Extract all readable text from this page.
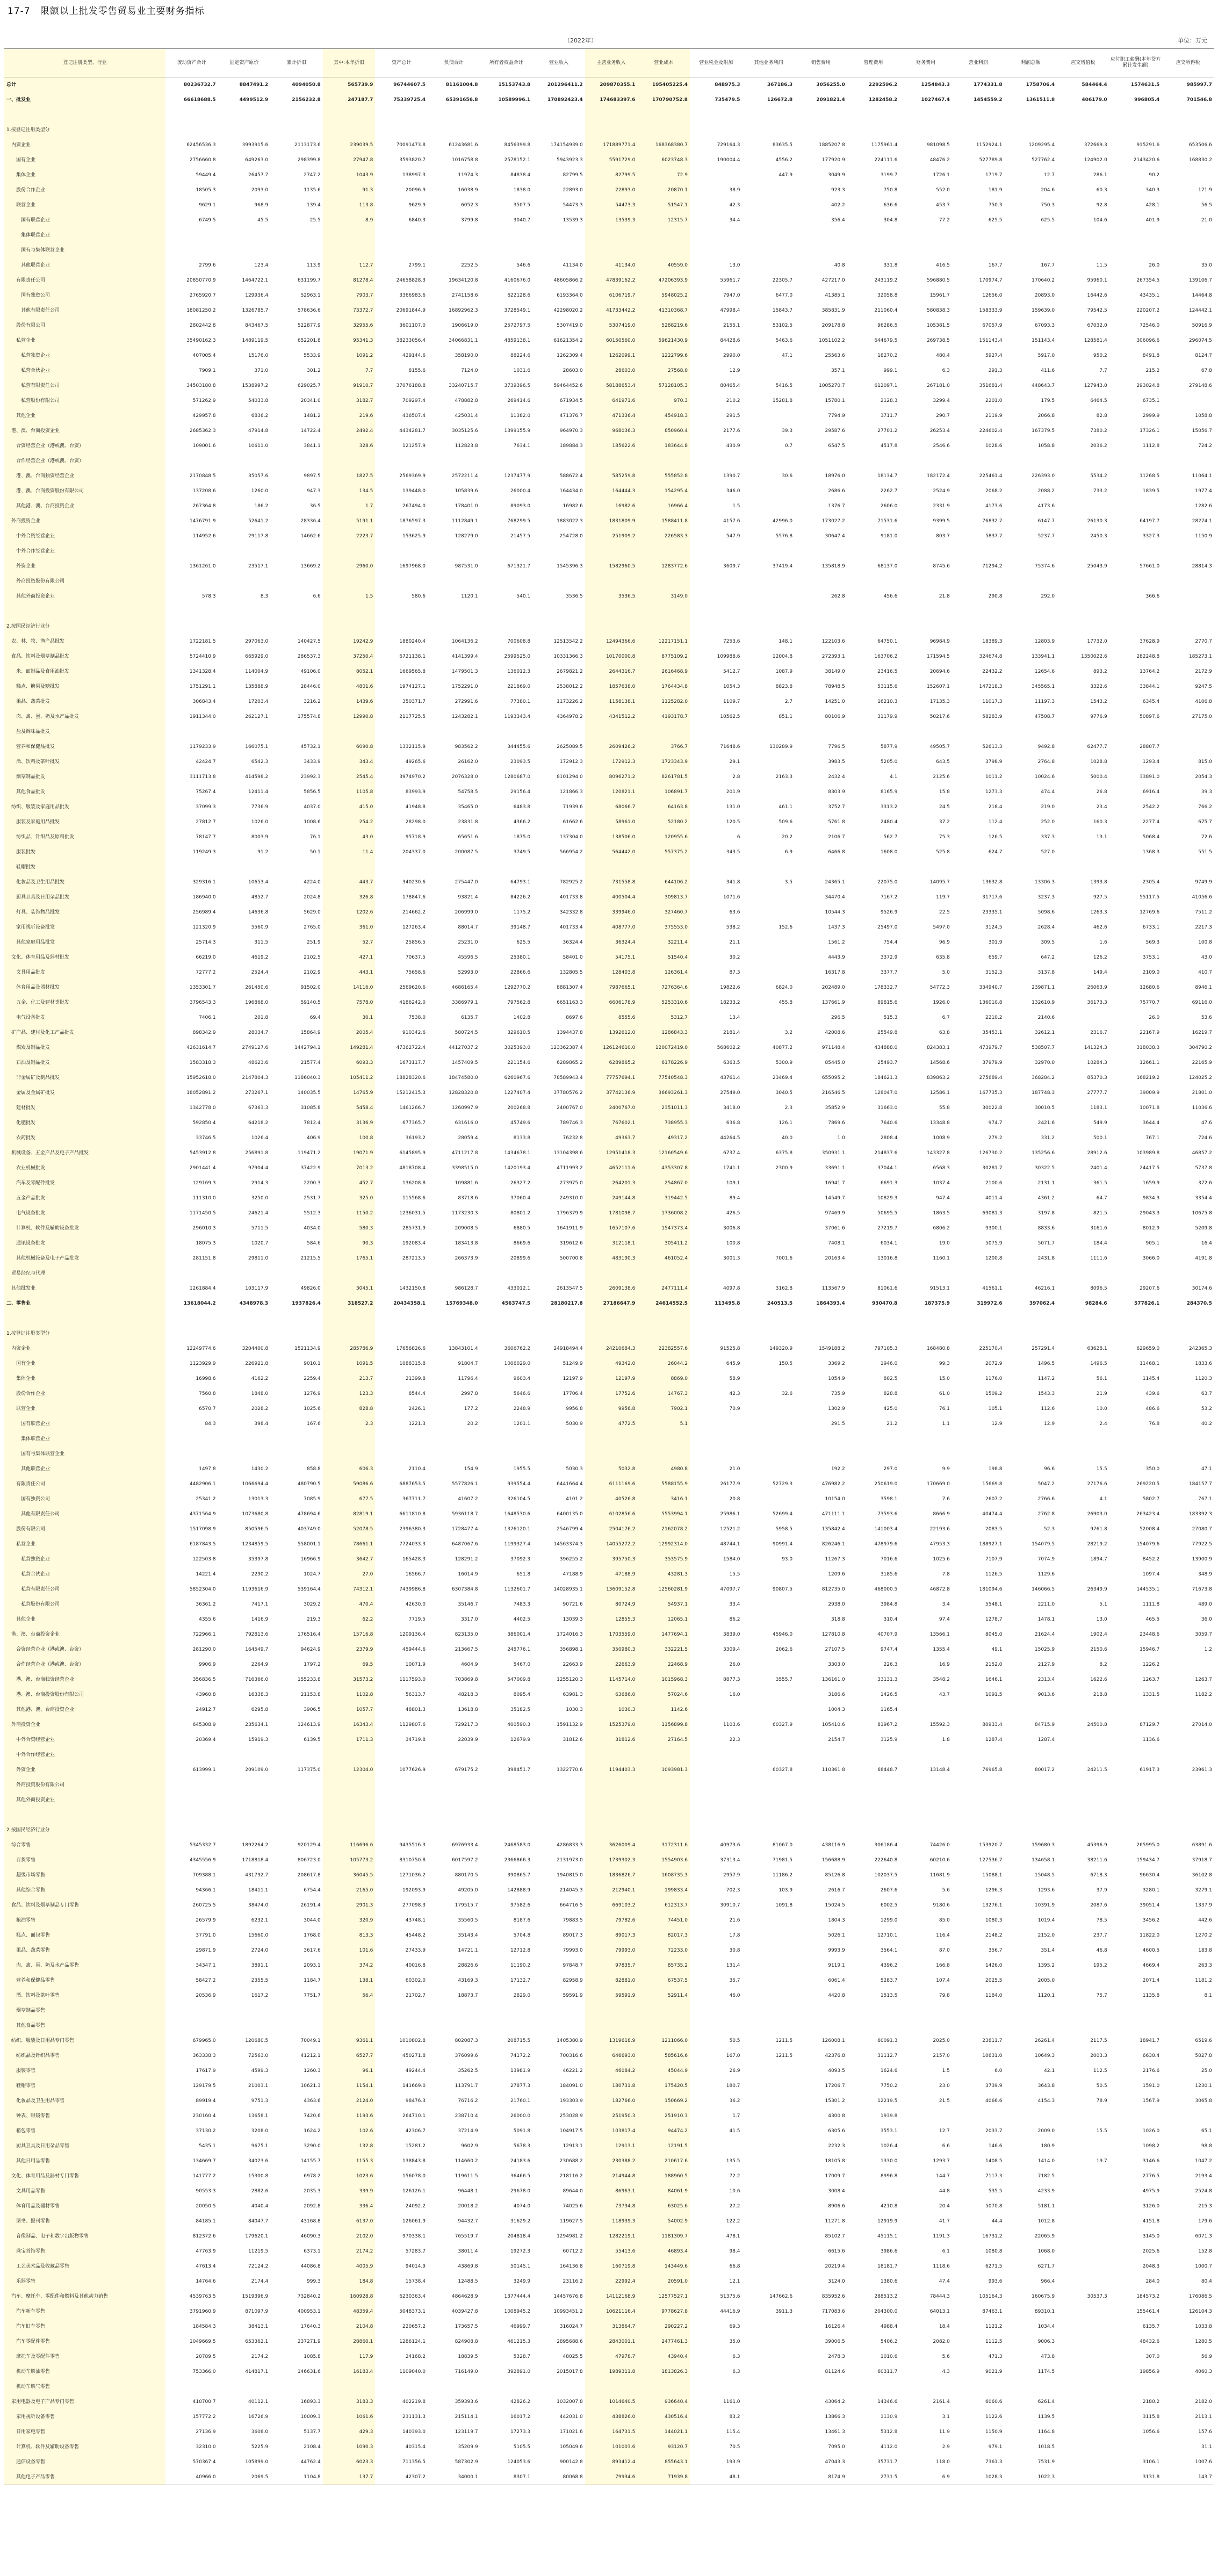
17-7　限额以上批发零售贸易业主要财务指标
（2022年）	单位：万元
登记注册类型、行业	流动资产合计	固定资产原价	累计折旧	其中:本年折旧	资产总计	负债合计	所有者权益合计	营业收入	主营业务收入	营业成本	营业税金及附加	其他业务利润	销售费用	管理费用	财务费用	营业利润	利润总额	应交增值税	应付职工薪酬(本年贷方累计发生额)	应交所得税	
总计	80236732.7	8847491.2	4094050.8	565739.9	96744607.5	81161004.8	15153743.8	201296411.2	209870355.1	195405225.4	848975.3	367186.3	3056255.0	2292596.2	1254843.3	1774331.8	1758706.4	584464.4	1574631.5	985997.7	
一、批发业	66618688.5	4499512.9	2156232.8	247187.7	75339725.4	65391656.8	10589996.1	170892423.4	174683397.6	170790752.8	735479.5	126672.8	2091821.4	1282458.2	1027467.4	1454559.2	1361511.8	406179.0	996805.4	701546.8	

1.按登记注册类型分																					
　内资企业	62456536.3	3993915.6	2113173.6	239039.5	70091473.8	61243681.6	8456399.8	174154939.0	171889771.4	168368380.7	729164.3	83635.5	1885207.8	1175961.4	981098.5	1152924.1	1209295.4	372669.3	915291.6	653506.6	
　　国有企业	2756660.8	649263.0	298399.8	27947.8	3593820.7	1016758.8	2578152.1	5943923.3	5591729.0	6023748.3	190004.4	4556.2	177920.9	224111.6	48476.2	527789.8	527762.4	124902.0	2143420.6	168830.2	
　　集体企业	59449.4	26457.7	2747.2	1043.9	138997.3	11974.3	84838.4	82799.5	82799.5	72.9		447.9	3049.9	3199.7	1726.1	1719.7	12.7	286.1	90.2		
　　股份合作企业	18505.3	2093.0	1135.6	91.3	20096.9	16038.9	1838.0	22893.0	22893.0	20870.1	38.9		923.3	750.8	552.0	181.9	204.6	60.3	340.3	171.9	
　　联营企业	9629.1	968.9	139.4	113.8	9629.9	6052.3	3507.5	54473.3	54473.3	51547.1	42.3		402.2	636.6	453.7	750.3	750.3	92.8	428.1	56.5	
　　　国有联营企业	6749.5	45.5	25.5	8.9	6840.3	3799.8	3040.7	13539.3	13539.3	12315.7	34.4		356.4	304.8	77.2	625.5	625.5	104.6	401.9	21.0	
　　　集体联营企业																					
　　　国有与集体联营企业																					
　　　其他联营企业	2799.6	123.4	113.9	112.7	2799.1	2252.5	546.6	41134.0	41134.0	40559.0	13.0		40.8	331.8	416.5	167.7	167.7	11.5	26.0	35.0	
　　有限责任公司	20850770.9	1464722.1	631199.7	81278.4	24658828.3	19634120.8	4160676.0	48605866.2	47839162.2	47206393.9	55961.7	22305.7	427217.0	243119.2	596880.5	170974.7	170640.2	95960.1	267354.5	139106.7	
　　　国有独资公司	2765920.7	129936.4	52963.1	7903.7	3366983.6	2741158.6	622128.6	6193364.0	6106719.7	5948025.2	7947.0	6477.0	41385.1	32058.8	15961.7	12656.0	20893.0	16442.6	43435.1	14464.8	
　　　其他有限责任公司	18081250.2	1326785.7	578636.6	73372.7	20691844.9	16892962.3	3728549.1	42298020.2	41733442.2	41310368.7	47998.4	15843.7	385831.9	211060.4	580838.3	158333.9	159639.0	79542.5	220207.2	124442.1	
　　股份有限公司	2802442.8	843467.5	522877.9	32955.6	3601107.0	1906619.0	2572797.5	5307419.0	5307419.0	5288219.6	2155.1	53102.5	209178.8	96286.5	105381.5	67057.9	67093.3	67032.0	72546.0	50916.9	
　　私营企业	35490162.3	1489119.5	652201.8	95341.3	38233056.4	34066831.1	4859138.1	61621354.2	60150560.0	59621430.9	84428.6	5463.6	1051102.2	644679.5	269738.5	151143.4	151143.4	128581.4	306096.6	296074.5	
　　　私营独资企业	407005.4	15176.0	5533.9	1091.2	429144.6	358190.0	88224.6	1262309.4	1262099.1	1222799.6	2990.0	47.1	25563.6	18270.2	480.4	5927.4	5917.0	950.2	8491.8	8124.7	
　　　私营合伙企业	7909.1	371.0	301.2	7.7	8155.6	7124.0	1031.6	28603.0	28603.0	27568.0	12.9		357.1	999.1	6.3	291.3	411.6	7.7	215.2	67.8	
　　　私营有限责任公司	34503180.8	1538997.2	629025.7	91910.7	37076188.8	33240715.7	3739396.5	59464452.6	58188653.4	57128105.3	80465.4	5416.5	1005270.7	612097.1	267181.0	351681.4	448643.7	127943.0	293024.8	279148.6	
　　　私营股份有限公司	571262.9	54033.8	20341.0	3182.7	709297.4	478882.8	269414.6	671934.5	641971.6	970.3	210.2	15281.8	15780.1	2128.3	3299.4	2201.0	179.5	6464.5	6735.1		
　　其他企业	429957.8	6836.2	1481.2	219.6	436507.4	425031.4	11382.0	471376.7	471336.4	454918.3	291.5		7794.9	3711.7	290.7	2119.9	2066.8	82.8	2999.9	1058.8	
　港、澳、台商投资企业	2685362.3	47914.8	14722.4	2492.4	4434281.7	3035125.6	1399155.9	964970.3	968036.3	850960.4	2177.6	39.3	29587.6	27701.2	26253.4	224602.4	167379.5	7380.2	17326.1	15056.7	
　　合资经营企业（港或澳、台资）	109001.6	10611.0	3841.1	328.6	121257.9	112823.8	7634.1	189884.3	185622.6	183644.8	430.9	0.7	6547.5	4517.8	2546.6	1028.6	1058.8	2036.2	1112.8	724.2	
　　合作经营企业（港或澳、台资）																					
　　港、澳、台商独资经营企业	2170848.5	35057.6	9897.5	1827.5	2569369.9	2572211.4	1237477.9	588672.4	585259.8	555852.8	1390.7	30.6	18976.0	18134.7	182172.4	225461.4	226393.0	5534.2	11268.5	11064.1	
　　港、澳、台商投资股份有限公司	137208.6	1260.0	947.3	134.5	139448.0	105839.6	26000.4	164434.0	164444.3	154295.4	346.0		2686.6	2262.7	2524.9	2068.2	2088.2	733.2	1839.5	1977.4	
　　其他港、澳、台商投资企业	267364.8	186.2	36.5	1.7	267494.0	178401.0	89093.0	16982.6	16982.6	16966.4	1.5		1376.7	2606.0	2331.9	4173.6	4173.6			1282.6	
　外商投资企业	1476791.9	52641.2	28336.4	5191.1	1876597.3	1112849.1	768299.5	1883022.3	1831809.9	1588411.8	4157.6	42996.0	173027.2	71531.6	9399.5	76832.7	6147.7	26130.3	64197.7	28274.1	
　　中外合资经营企业	114952.6	29117.8	14662.6	2223.7	153625.9	128279.0	21457.5	254728.0	251909.2	226583.3	547.9	5576.8	30647.4	9181.0	803.7	5837.7	5237.7	2450.3	3327.3	1150.9	
　　中外合作经营企业																					
　　外资企业	1361261.0	23517.1	13669.2	2960.0	1697968.0	987531.0	671321.7	1545396.3	1582960.5	1283772.6	3609.7	37419.4	135818.9	68137.0	8745.6	71294.2	75374.6	25043.9	57661.0	28814.3	
　　外商投资股份有限公司																					
　　其他外商投资企业	578.3	8.3	6.6	1.5	580.6	1120.1	540.1	3536.5	3536.5	3149.0			262.8	456.6	21.8	290.8	292.0		366.6		

2.按国民经济行业分																					
　农、林、牧、渔产品批发	1722181.5	297063.0	140427.5	19242.9	1880240.4	1064136.2	700608.8	12513542.2	12494366.6	12217151.1	7253.6	148.1	122103.6	64750.1	96984.9	18389.3	12803.9	17732.0	37628.9	2770.7	
　食品、饮料及烟草制品批发	5724410.9	665929.0	286537.3	37250.4	6721138.1	4141399.4	2599525.0	10331366.3	10170000.8	8775109.2	109988.6	12004.8	272393.1	163706.2	171594.5	324674.8	133941.1	1350022.6	282248.8	185273.1	
　　米、面制品及食用油批发	1341328.4	114004.9	49106.0	8052.1	1669565.8	1479501.3	136012.3	2679821.2	2644316.7	2616468.9	5412.7	1087.9	38149.0	23416.5	20694.6	22432.2	12654.6	893.2	13764.2	2172.9	
　　糕点、糖果及糖批发	1751291.1	135888.9	28446.0	4801.6	1974127.1	1752291.0	221869.0	2538012.2	1857638.0	1764434.8	1054.3	8823.8	78948.5	53115.6	152607.1	147218.3	345565.1	3322.6	33844.1	9247.5	
　　果品、蔬菜批发	306843.4	17203.4	3216.2	1439.6	350371.7	272991.6	77380.1	1173226.2	1158138.1	1125282.0	1109.7	2.7	14251.0	16210.3	17135.3	11017.3	11197.3	1543.2	6345.4	4106.8	
　　肉、禽、蛋、奶及水产品批发	1911344.0	262127.1	175574.8	12990.8	2117725.5	1243282.1	1193343.4	4364978.2	4341512.2	4193178.7	10562.5	851.1	80106.9	31179.9	50217.6	58283.9	47508.7	9776.9	50897.6	27175.0	
　　盐及调味品批发																					
　　营养和保健品批发	1179233.9	166075.1	45732.1	6090.8	1332115.9	983562.2	344455.6	2625089.5	2609426.2	3766.7	71648.6	130289.9	7796.5	5877.9	49505.7	52613.3	9492.8	62477.7	28807.7		
　　酒、饮料及茶叶批发	42424.7	6542.3	3433.9	343.4	49265.6	26162.0	23093.5	172912.3	172912.3	1723343.9	29.1		3983.5	5205.0	643.5	3798.9	2764.8	1028.8	1293.4	815.0	
　　烟草制品批发	3111713.8	414598.2	23992.3	2545.4	3974970.2	2076328.0	1280687.0	8101294.0	8096271.2	8261781.5	2.8	2163.3	2432.4	4.1	2125.6	1011.2	10024.6	5000.4	33891.0	2054.3	
　　其他食品批发	75267.4	12411.4	5856.5	1105.8	83993.9	54758.5	29156.4	121866.3	120821.1	106891.7	201.9		8303.9	8165.9	15.8	1273.3	474.4	26.8	6916.4	39.3	
　纺织、服装及家庭用品批发	37099.3	7736.9	4037.0	415.0	41948.8	35465.0	6483.8	71939.6	68066.7	64163.8	131.0	461.1	3752.7	3313.2	24.5	218.4	219.0	23.4	2542.2	766.2	
　　服装及家庭用品批发	27812.7	1026.0	1008.6	254.2	28298.0	23831.8	4366.2	61662.6	58961.0	52180.2	120.5	509.6	5761.8	2480.4	37.2	112.4	252.0	160.3	2277.4	675.7	
　　纺织品、针织品及原料批发	78147.7	8003.9	76.1	43.0	95718.9	65651.6	1875.0	137304.0	138506.0	120955.6	6	20.2	2106.7	562.7	75.3	126.5	337.3	13.1	5068.4	72.6	
　　服装批发	119249.3	91.2	50.1	11.4	204337.0	200087.5	3749.5	566954.2	564442.0	557375.2	343.5	6.9	6466.8	1608.0	525.8	624.7	527.0		1368.3	551.5	
　　鞋帽批发																					
　　化妆品及卫生用品批发	329316.1	10653.4	4224.0	443.7	340230.6	275447.0	64793.1	782925.2	731558.8	644106.2	341.8	3.5	24365.1	22075.0	14095.7	13632.8	13306.3	1393.8	2305.4	9749.9	
　　厨具卫具及日用杂品批发	186940.0	4852.7	2024.8	326.8	178847.6	93821.4	84226.2	401733.8	400504.4	309813.7	1071.6		34470.4	7167.2	119.7	31717.6	3237.3	927.5	55117.5	41056.6	
　　灯具、装饰物品批发	256989.4	14636.8	5629.0	1202.6	214662.2	206999.0	1175.2	342332.8	339946.0	327460.7	63.6		10544.3	9526.9	22.5	23335.1	5098.6	1263.3	12769.6	7511.2	
　　家用视听设备批发	121320.9	5560.9	2765.0	361.0	127263.4	88014.7	39148.7	401733.4	408777.0	375553.0	538.2	152.6	1437.3	25497.0	5497.0	3124.5	2628.4	462.6	6733.1	2217.3	
　　其他家庭用品批发	25714.3	311.5	251.9	52.7	25856.5	25231.0	625.5	36324.4	36324.4	32211.4	21.1		1561.2	754.4	96.9	301.9	309.5	1.6	569.3	100.8	
　文化、体育用品及器材批发	66219.0	4619.2	2102.5	427.1	70637.5	45596.5	25380.1	58401.0	54175.1	51540.4	30.2		4443.9	3372.9	635.8	659.7	647.2	126.2	3753.1	43.0	
　　文具用品批发	72777.2	2524.4	2102.9	443.1	75658.6	52993.0	22866.6	132805.5	128403.8	126361.4	87.3		16317.8	3377.7	5.0	3152.3	3137.8	149.4	2109.0	410.7	
　　体育用品及器材批发	1353301.7	261450.6	91502.0	14116.0	2569620.6	4686165.4	1292770.2	8881307.4	7987665.1	7276364.6	19822.6	6824.0	202489.0	178332.7	54772.3	334940.7	239871.1	26063.9	12680.6	8946.1	
　　五金、化工及建材类批发	3796543.3	196868.0	59140.5	7578.0	4186242.0	3386979.1	797562.8	6651163.3	6606178.9	5253310.6	18233.2	455.8	137661.9	89815.6	1926.0	136010.8	132610.9	36173.3	75770.7	69116.0	
　　电气设备批发	7406.1	201.8	69.4	30.1	7538.0	6135.7	1402.8	8697.6	8555.6	5312.7	13.4		296.5	515.3	6.7	2210.2	2140.6		26.0	53.6	
　矿产品、建材及化工产品批发	898342.9	28034.7	15864.9	2005.4	910342.6	580724.5	329610.5	1394437.8	1392612.0	1286843.3	2181.4	3.2	42008.6	25549.8	63.8	35453.1	32612.1	2316.7	22167.9	16219.7	
　　煤炭及制品批发	42631614.7	2749127.6	1442794.1	149281.4	47362722.4	44127037.2	3025393.0	123362387.4	126124610.0	120072419.0	568602.2	40877.2	971148.4	434888.0	824383.1	473979.7	538507.7	141324.3	318038.3	304790.2	
　　石油及制品批发	1583318.3	48623.6	21577.4	6093.3	1673117.7	1457409.5	221154.6	6289865.2	6289865.2	6178226.9	6363.5	5300.9	85445.0	25493.7	14568.6	37979.9	32970.0	10284.3	12661.1	22165.9	
　　非金属矿及制品批发	15952618.0	2147804.3	1186040.3	105411.2	18828320.6	18474580.0	6260967.6	78589943.4	77757694.1	77540548.3	43761.4	23469.4	655095.2	184621.3	839863.2	275689.4	368284.2	85370.3	168219.2	124025.2	
　　金属及金属矿批发	18052891.2	273267.1	140035.5	14765.9	15212415.3	12828320.8	1227407.4	37780576.2	37742136.9	36693261.3	27549.0	3040.5	216546.5	128047.0	12586.1	167735.3	187748.3	27777.7	39009.9	21801.0	
　　建材批发	1342778.0	67363.3	31085.8	5458.4	1461266.7	1260997.9	200268.8	2400767.0	2400767.0	2351011.3	3418.0	2.3	35852.9	31663.0	55.8	30022.8	30010.5	1183.1	10071.8	11036.6	
　　化肥批发	592850.4	64218.2	7812.4	3136.9	677365.7	631616.0	45749.6	789746.3	767602.1	738955.3	636.8	126.1	7869.6	7640.6	13348.8	974.7	2421.6	549.9	3644.4	47.6	
　　农药批发	33746.5	1026.4	406.9	100.8	36193.2	28059.4	8133.8	76232.8	49363.7	49317.2	44264.5	40.0	1.0	2808.4	1008.9	279.2	331.2	500.1	767.1	724.6	
　机械设备、五金产品及电子产品批发	5453912.8	256891.8	119471.2	19071.9	6145895.9	4711217.8	1434678.1	13104398.6	12951418.3	12160549.6	6737.4	6375.8	350931.1	214837.6	143327.8	126730.2	135256.6	28912.6	103989.8	46857.2	
　　农业机械批发	2901441.4	97904.4	37422.9	7013.2	4818708.4	3398515.0	1420193.4	4711993.2	4652111.6	4353307.8	1741.1	2300.9	33691.1	37044.1	6568.3	30281.7	30322.5	2401.4	24417.5	5737.8	
　　汽车及零配件批发	129169.3	2914.3	2200.3	452.7	136208.8	109881.6	26327.2	273975.0	264201.3	254867.0	109.1		16941.7	6691.3	1037.4	2100.6	2131.1	361.5	1659.9	372.6	
　　五金产品批发	111310.0	3250.0	2531.7	325.0	115568.6	83718.6	37060.4	249310.0	249144.8	319442.5	89.4		14549.7	10829.3	947.4	4011.4	4361.2	64.7	9834.3	3354.4	
　　电气设备批发	1171450.5	24621.4	5512.3	1150.2	1236031.5	1173230.3	80801.2	1796379.9	1781098.7	1736008.2	426.5		97469.9	50695.5	1863.5	69081.3	3197.8	821.5	29043.3	10675.8	
　　计算机、软件及辅助设备批发	296010.3	5711.5	4034.0	580.3	285731.9	209008.5	6880.5	1641911.9	1657107.6	1547373.4	3006.8		37061.6	27219.7	6806.2	9300.1	8833.6	3161.6	8012.9	5209.8	
　　通讯设备批发	18075.3	1020.7	584.6	90.3	192083.4	183413.8	8669.6	319612.6	312118.1	305411.2	100.8		7408.1	6034.1	19.0	5075.9	5071.7	184.4	905.1	16.4	
　　其他机械设备及电子产品批发	281151.8	29811.0	21215.5	1765.1	287213.5	266373.9	20899.6	500700.8	483190.3	461052.4	3001.3	7001.6	20163.4	13016.8	1160.1	1200.8	2431.8	1111.6	3066.0	4191.8	
　贸易经纪与代理																					
　其他批发业	1261884.4	103117.9	49826.0	3045.1	1432150.8	986128.7	433012.1	2613547.5	2609138.6	2477111.4	4097.8	3162.8	113567.9	81061.6	91513.1	41561.1	46216.1	8096.5	29207.6	30174.6	
二、零售业	13618044.2	4348978.3	1937826.4	318527.2	20434358.1	15769348.0	4563747.5	28180217.8	27186647.9	24614552.5	113495.8	240513.5	1864393.4	930470.8	187375.9	319972.6	397062.4	98284.6	577826.1	284370.5	

1.按登记注册类型分																					
　内资企业	12249774.6	3204400.8	1521134.9	285786.9	17656826.6	13843101.4	3606762.2	24918494.4	24210684.3	22382557.6	91525.8	149320.9	1549188.2	797105.3	168480.8	225170.4	257291.4	63628.1	629659.0	242365.3	
　　国有企业	1123929.9	226921.8	9010.1	1091.5	1088315.8	91804.7	1006029.0	51249.9	49342.0	26044.2	645.9	150.5	3369.2	1946.0	99.3	2072.9	1496.5	1496.5	11468.1	1833.6	
　　集体企业	16998.6	4162.2	2259.4	213.7	21399.8	11796.4	9603.4	12197.9	12197.9	8869.0	58.9		1054.9	802.5	15.0	1176.0	1147.2	56.1	1145.4	1120.3	
　　股份合作企业	7560.8	1848.0	1276.9	123.3	8544.4	2997.8	5646.6	17706.4	17752.6	14767.3	42.3	32.6	735.9	828.8	61.0	1509.2	1543.3	21.9	439.6	63.7	
　　联营企业	6570.7	2028.2	1025.6	828.8	2426.1	177.2	2248.9	9956.8	9956.8	7902.1	70.9		1302.9	425.0	76.1	105.1	112.6	10.0	486.6	53.2	
　　　国有联营企业	84.3	398.4	167.6	2.3	1221.3	20.2	1201.1	5030.9	4772.5	5.1			291.5	21.2	1.1	12.9	12.9	2.4	76.8	40.2	
　　　集体联营企业																					
　　　国有与集体联营企业																					
　　　其他联营企业	1497.8	1430.2	858.8	606.3	2110.4	154.9	1955.5	5030.3	5032.8	4980.8	21.0		192.2	297.0	9.9	198.8	96.6	15.5	350.0	47.1	
　　有限责任公司	4482906.1	1066694.4	480790.5	59086.6	6887653.5	5577826.1	939554.4	6441664.4	6111169.6	5588155.9	26177.9	52729.3	476982.2	250619.0	170669.0	15669.8	5047.2	27176.6	269220.5	184157.7	
　　　国有独资公司	25341.2	13013.3	7085.9	677.5	367711.7	41607.2	326104.5	4101.2	40526.8	3416.1	20.8		10154.0	3598.1	7.6	2607.2	2766.6	4.1	5802.7	767.1	
　　　其他有限责任公司	4371564.9	1073680.8	478694.6	82819.1	6611810.8	5936118.7	1648530.6	6400135.0	6102856.6	5553994.1	25986.1	52699.4	471111.1	73593.6	8666.9	40474.4	2762.8	26903.0	263423.4	183392.3	
　　股份有限公司	1517098.9	850596.5	403749.0	52078.5	2396380.3	1728477.4	1376120.1	2546799.4	2504176.2	2162078.2	12521.2	5958.5	135842.4	141003.4	22193.6	2083.5	52.3	9761.8	52008.4	27080.7	
　　私营企业	6187843.5	1234859.5	558001.1	78661.1	7724033.3	6487067.6	1199327.4	14563374.3	14055272.2	12992314.0	48744.1	90991.4	826246.1	478979.6	47953.3	188927.1	154079.5	28219.2	154079.6	77922.5	
　　　私营独资企业	122503.8	35397.8	16966.9	3642.7	165428.3	128291.2	37092.3	396255.2	395750.3	353575.9	1584.0	93.0	11267.3	7016.6	1025.6	7107.9	7074.9	1894.7	8452.2	13900.9	
　　　私营合伙企业	14221.4	2290.2	1024.7	27.0	16566.7	16014.9	651.8	47188.9	47188.9	43281.3	15.5		1209.6	3185.6	7.8	1126.5	1129.6		1097.4	348.9	
　　　私营有限责任公司	5852304.0	1193616.9	539164.4	74312.1	7439986.8	6307384.8	1132601.7	14028935.1	13609152.8	12560281.9	47097.7	90807.5	812735.0	468000.5	46872.8	181094.6	146066.5	26349.9	144535.1	71673.8	
　　　私营股份有限公司	36361.2	7417.1	3029.2	470.4	42630.0	35146.7	7483.3	90721.6	80724.9	54937.1	33.4		2938.0	3984.8	3.4	5548.1	2211.0	5.1	1111.8	489.0	
　　其他企业	4355.6	1416.9	219.3	62.2	7719.5	3317.0	4402.5	13039.3	12855.3	12065.1	86.2		318.8	310.4	97.4	1278.7	1478.1	13.0	465.5	36.0	
　港、澳、台商投资企业	722966.1	792813.6	176516.4	15716.8	1209136.4	823135.0	386001.4	1724016.3	1703559.0	1477694.1	3839.0	45946.0	127810.8	40707.9	13566.1	8045.0	21624.4	1902.4	23448.6	3059.7	
　　合资经营企业（港或澳、台资）	281290.0	164549.7	94624.9	2379.9	459444.6	213667.5	245776.1	356898.1	350980.3	332221.5	3309.4	2062.6	27107.5	9747.4	1355.4	49.1	15025.9	2150.6	15946.7	1.2	
　　合作经营企业（港或澳、台资）	9906.9	2264.9	1797.2	69.5	10071.9	4604.9	5467.0	22663.9	22663.9	22468.9	26.0		3303.0	226.3	16.9	2152.0	2127.9	8.2	1226.2		
　　港、澳、台商独资经营企业	356836.5	716366.0	155233.8	31573.2	1117593.0	703869.8	547009.8	1255120.3	1145714.0	1015968.3	8877.3	3555.7	136161.0	33131.3	3548.2	1646.1	2313.4	1622.6	1263.7	1263.7	
　　港、澳、台商投资股份有限公司	43960.8	16338.3	21153.8	1102.8	56313.7	48218.3	8095.4	63981.3	63686.0	57024.6	16.0		3186.6	1426.5	43.7	1091.5	9013.6	218.8	1331.5	1182.2	
　　其他港、澳、台商投资企业	24912.7	6295.8	3906.5	1057.7	48801.3	13618.8	35182.5	1030.3	1030.3	1142.6			1004.3	1165.4							
　外商投资企业	645308.9	235634.1	124613.9	16343.4	1129807.6	729217.3	400590.3	1591132.9	1525379.0	1156899.8	1103.6	60327.9	105410.6	81967.2	15592.3	80933.4	84715.9	24500.8	87129.7	27014.0	
　　中外合资经营企业	20369.4	15919.3	6139.5	1711.3	34719.8	22039.9	12679.9	31812.6	31812.6	27164.5	22.3		2154.7	3125.9	1.8	1287.4	1287.4		1136.6		
　　中外合作经营企业																					
　　外资企业	613999.1	209109.0	117375.0	12304.0	1077626.9	679175.2	398451.7	1322770.6	1194403.3	1093981.3		60327.8	110361.8	68448.7	13148.4	76965.8	80017.2	24211.5	61917.3	23961.3	
　　外商投资股份有限公司																					
　　其他外商投资企业																					

2.按国民经济行业分																					
　综合零售	5345332.7	1892264.2	920129.4	116696.6	9435516.3	6976933.4	2468583.0	4286833.3	3626009.4	3172311.6	40973.6	81067.0	438116.9	306186.4	74426.0	153920.7	159680.3	45396.9	265995.0	63891.6	
　　百货零售	4345556.9	1718818.4	806723.0	105773.2	8310750.8	6017597.2	2366866.3	2131973.0	1739302.3	1554903.6	37313.4	71981.5	156688.9	222640.8	60210.6	127536.7	134658.1	38211.6	159434.7	37918.7	
　　超级市场零售	709388.1	431792.7	208617.8	36045.5	1271036.2	880170.5	390865.7	1940815.0	1836826.7	1608735.3	2957.9	11186.2	85126.8	102037.5	11681.9	15088.1	15048.5	6718.3	96630.4	36102.8	
　　其他综合零售	94366.1	18411.1	6754.4	2165.0	192093.9	49205.0	142888.9	214045.3	212940.1	199833.4	702.3	103.9	2616.7	2607.6	5.6	1296.3	1293.6	37.9	3280.1	3279.1	
　食品、饮料及烟草制品专门零售	260725.5	38474.0	26191.4	2901.3	277098.3	179515.7	97582.6	664716.5	669103.2	612313.7	30910.7	1091.8	15024.5	6002.5	9180.6	13276.1	10391.9	2087.6	39051.4	1337.9	
　　粮油零售	26579.9	6232.1	3044.0	320.9	43748.1	35560.5	8187.6	79883.5	79782.6	74451.0	21.6		1804.3	1299.0	85.0	1080.3	1019.4	78.5	3456.2	442.6	
　　糕点、面包零售	37791.0	15660.0	1768.0	813.3	45448.2	35143.4	5704.8	89017.3	89017.3	82017.3	17.8		5026.1	12710.1	116.4	2148.2	2152.0	237.7	11822.0	1270.2	
　　果品、蔬菜零售	29871.9	2724.0	3617.6	101.6	27433.9	14721.1	12712.8	79993.0	79993.0	72233.0	30.8		9993.9	3564.1	87.0	356.7	351.4	46.8	4600.5	183.8	
　　肉、禽、蛋、奶及水产品零售	34347.1	3891.1	2093.1	374.2	40016.8	28826.6	11190.2	97848.7	97835.7	85735.2	131.4		9119.1	4396.2	166.8	1426.0	1395.2	195.2	4669.4	263.3	
　　营养和保健品零售	58427.2	2355.5	1184.7	138.1	60302.0	43169.3	17132.7	82958.9	82881.0	67537.5	35.7		6061.4	5283.7	107.4	2025.5	2005.0		2071.4	1181.2	
　　酒、饮料及茶叶零售	20536.9	1617.2	7751.7	56.4	21702.7	18873.7	2829.0	59591.9	59591.9	52911.4	46.0		4420.8	1513.5	79.8	1184.0	1120.1	75.7	1135.8	8.1	
　　烟草制品零售																					
　　其他食品零售																					
　纺织、服装及日用品专门零售	679965.0	120680.5	70049.1	9361.1	1010802.8	802087.3	208715.5	1405380.9	1319618.9	1211066.0	50.5	1211.5	126008.1	60091.3	2025.0	23811.7	26261.4	2117.5	18941.7	6519.6	
　　纺织品及针织品零售	363338.3	72563.0	41212.1	6527.7	450271.8	376099.6	74172.2	700316.6	646693.0	585616.6	167.0	1211.5	42376.8	31112.7	2157.0	10631.0	10649.3	2003.3	6630.4	5027.8	
　　服装零售	17617.9	4599.3	1260.3	96.1	49244.4	35262.5	13981.9	46221.2	46084.2	45044.9	26.9		4093.5	1624.6	1.5	6.0	42.1	112.5	2176.6	25.0	
　　鞋帽零售	129179.5	21003.1	10621.3	1154.1	141669.0	113791.7	27877.3	184091.0	180731.8	175420.5	180.7		17206.7	7750.2	23.0	3739.9	3643.8	50.5	1591.0	1230.1	
　　化妆品及卫生用品零售	89919.4	9751.3	4363.6	2124.0	98476.3	76716.2	21760.1	193303.9	182766.0	150669.2	36.2		15301.2	12219.5	21.5	4066.6	4154.3	78.9	1567.9	3065.8	
　　钟表、眼镜零售	230160.4	13658.1	7420.6	1193.6	264710.1	238710.4	26000.0	253028.9	251950.3	251910.3	1.7		4300.8	1939.8							
　　箱包零售	37130.2	3208.0	1624.2	102.6	42306.7	37214.9	5091.8	104917.5	103817.4	94474.2	41.5		6305.6	3553.1	12.7	2033.7	2009.0	15.5	1026.0	65.1	
　　厨具卫具及日用杂品零售	5435.1	9675.1	3290.0	132.8	15281.2	9602.9	5678.3	12913.1	12913.1	12191.5			2232.3	1026.4	6.6	146.6	180.9		1098.2	98.8	
　　其他日用品零售	134669.7	34023.6	14155.7	1155.3	138843.8	114660.2	24183.6	230688.2	230388.2	210617.6	135.5		18105.8	1330.0	1293.7	1408.5	1414.0	19.7	3146.6	1047.2	
　文化、体育用品及器材专门零售	141777.2	15300.8	6978.2	1023.6	156078.0	119611.5	36466.5	218116.2	214944.8	188960.5	72.2		17009.7	8996.8	144.7	7117.3	7182.5		2776.5	2193.4	
　　文具用品零售	90553.3	2882.6	2035.3	339.9	126126.1	96448.1	29678.0	89644.0	86963.1	84061.9	10.6		3008.4		44.8	535.5	4233.9		4975.9	2524.8	
　　体育用品及器材零售	20050.5	4040.4	2092.8	336.4	24092.2	20018.2	4074.0	74025.6	73734.8	63025.6	27.2		8906.6	4210.8	20.4	5070.8	5181.1		3126.0	215.3	
　　图书、报刊零售	84185.1	84047.7	43168.8	6137.0	126061.9	94432.7	31629.2	119627.5	118939.3	54002.9	122.2		11271.8	12919.9	41.7	44.4	1012.8		4151.8	179.6	
　　音像制品、电子和数字出版物零售	812372.6	179620.1	46090.3	2102.0	970338.1	765519.7	204818.4	1294981.2	1282219.1	1181309.7	478.1		85102.7	45115.1	1191.3	16731.2	22065.9		3145.0	6071.3	
　　珠宝首饰零售	47763.9	11219.5	6373.1	2174.2	57283.7	38011.4	19272.3	60712.2	55413.6	46893.4	98.4		6615.6	3986.6	6.1	1080.8	1068.0		2025.6	152.8	
　　工艺美术品及收藏品零售	47613.4	72124.2	44086.8	4005.9	94014.9	43869.8	50145.1	164136.8	160719.8	143449.6	66.8		20219.4	18181.7	1118.6	6271.5	6271.7		2048.3	1000.7	
　　乐器零售	14764.6	2174.4	999.3	184.8	15738.4	12488.5	3249.9	23116.2	22992.4	20591.0	12.1		3124.0	1380.6	47.4	993.6	966.4		284.0	80.4	
　汽车、摩托车、零配件和燃料及其他动力销售	4539763.5	1519396.9	732840.2	160928.8	6230363.4	4864628.9	1377444.4	14457676.8	14112168.9	12577527.1	51375.6	147662.6	835952.6	288513.2	78444.3	105164.3	160675.9	30537.3	184573.2	176086.5	
　　汽车新车零售	3791960.9	871097.9	400953.1	48359.4	5048373.1	4039427.8	1008945.2	10993451.2	10621116.4	9778627.8	44416.9	3911.3	717083.6	204300.0	64013.1	87463.1	89310.1		155461.4	126104.3	
　　汽车旧车零售	184584.3	38413.1	17640.3	2104.8	220657.2	173657.5	46999.7	316024.7	313864.7	290227.2	69.3		16126.4	4988.4	18.4	1121.2	1034.4		6135.7	1033.8	
　　汽车零配件零售	1049669.5	653362.1	237271.9	28860.1	1286124.1	824908.8	461215.3	2895688.6	2843001.1	2477461.3	35.0		39006.5	5406.2	2082.0	1112.5	9006.3		48432.6	1280.5	
　　摩托车及零配件零售	20789.5	2174.2	1085.8	117.9	24168.2	18839.5	5328.7	48025.5	47978.7	43940.4	6.3		2478.3	1010.6	5.6	471.3	473.8		307.0	56.9	
　　机动车燃油零售	753366.0	414817.1	146631.6	16183.4	1109040.0	716149.0	392891.0	2015017.8	1989311.8	1813826.3	6.3		81124.6	60311.7	4.3	9021.9	1174.5		19856.9	4060.3	
　　机动车燃气零售																					
　家用电器及电子产品专门零售	410700.7	40112.1	16893.3	3183.3	402219.8	359393.6	42826.2	1032007.8	1014640.5	936640.4	1161.0		43064.2	14346.6	2161.4	6060.6	6261.4		2180.2	2182.0	
　　家用视听设备零售	157772.2	16726.9	10009.3	1061.6	231131.3	215114.1	16017.2	442031.0	438826.0	430516.4	83.2		13866.3	1130.9	3.1	1122.6	1139.5		3115.8	2113.1	
　　日用家电零售	27136.9	3608.0	5137.7	429.3	140393.0	123119.7	17273.3	171021.6	164731.5	144021.1	115.4		13461.3	5312.8	11.9	1150.9	1164.8		1056.6	157.6	
　　计算机、软件及辅助设备零售	32310.0	5225.9	2108.4	1090.3	40315.4	35209.9	5105.5	105049.6	101003.6	93120.7	70.5		7095.0	4112.0	2.9	979.1	1018.5			31.1	
　　通信设备零售	570367.4	105899.0	44762.4	6023.3	711356.5	587302.9	124053.6	900142.8	893412.4	855643.1	193.9		47043.3	35731.7	118.0	7361.3	7531.9		3106.1	1007.6	
　　其他电子产品零售	40966.0	2069.5	1104.8	137.7	42307.2	34000.1	8307.1	80068.8	79934.6	71939.8	48.1		8174.9	2731.5	6.9	1028.3	1022.3		3131.8	143.7	
